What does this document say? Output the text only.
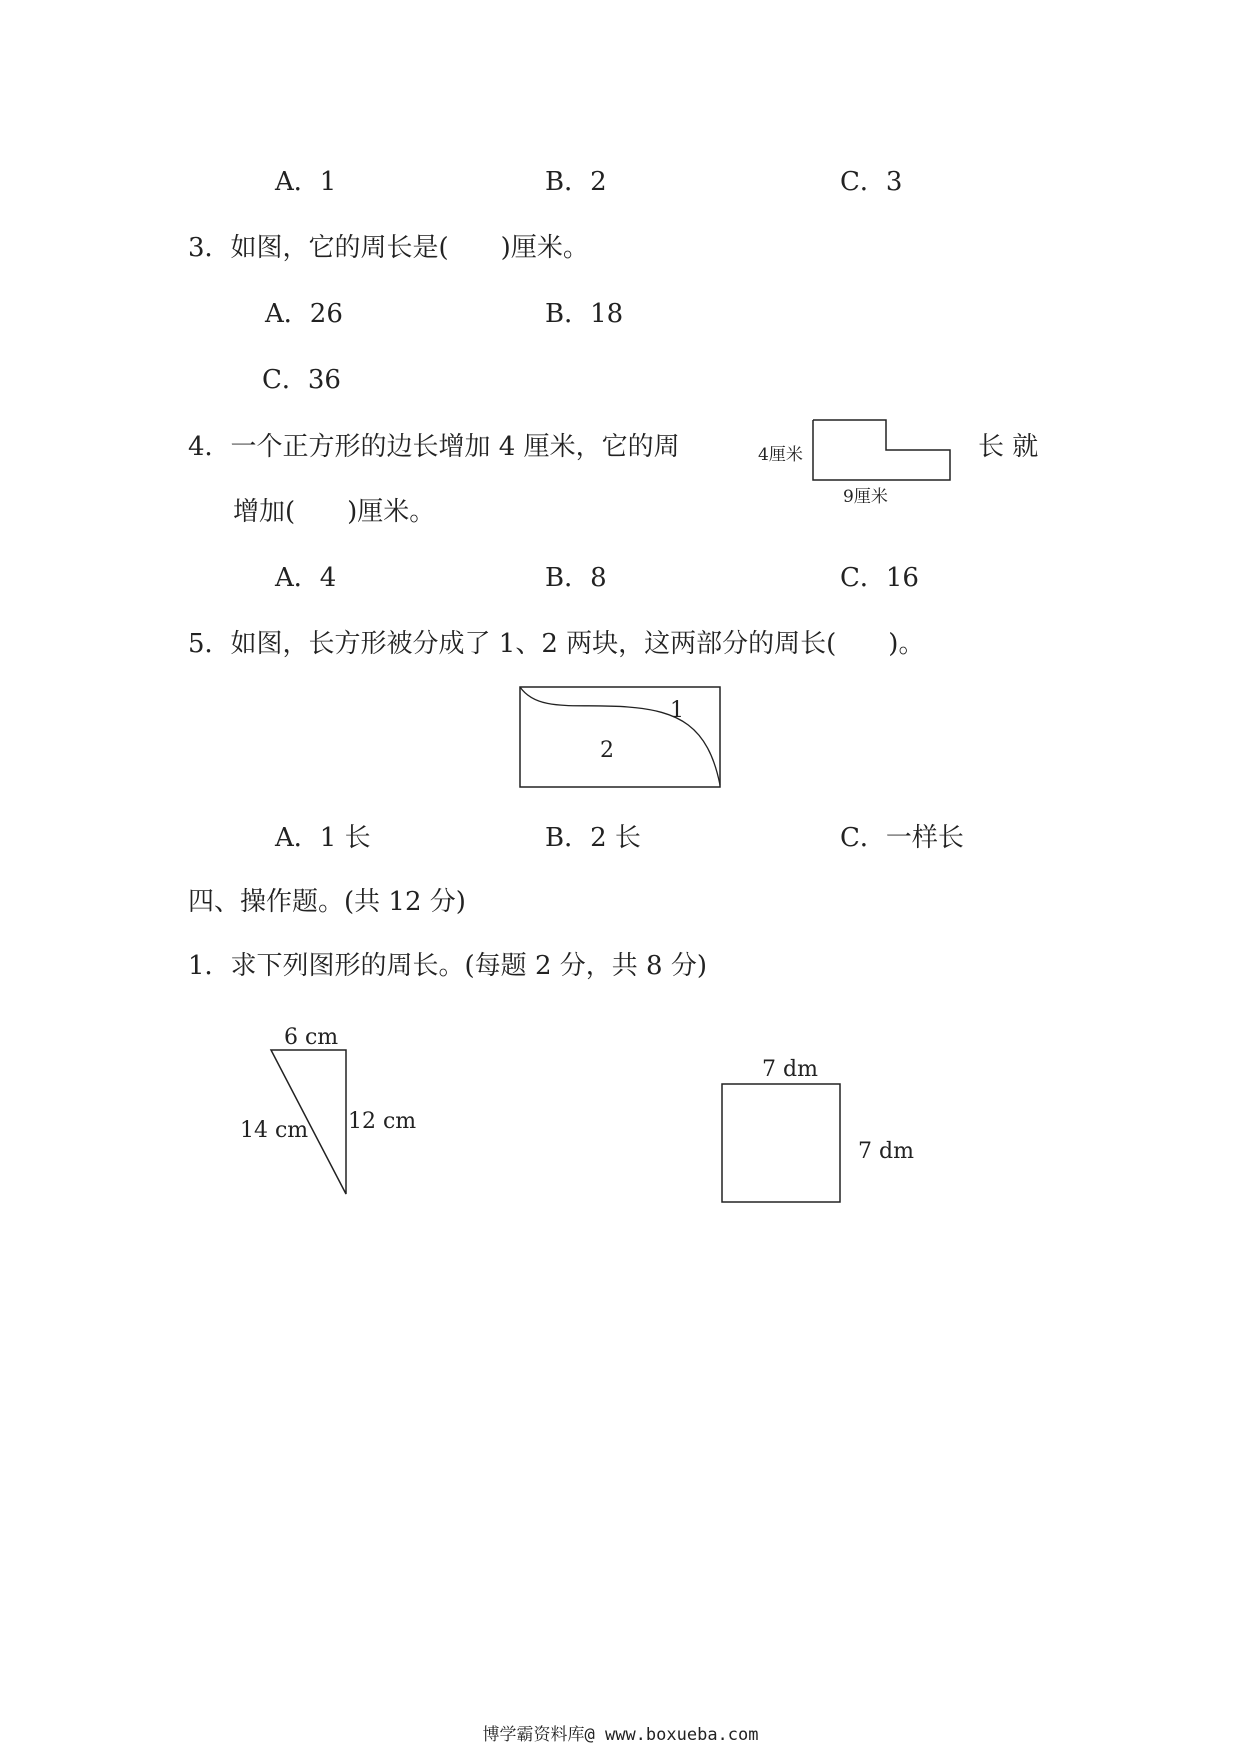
A．1	B．2	C．3
3．如图，它的周长是(　　)厘米。
A．26	B．18
C．36
4厘米
9厘米
4．一个正方形的边长增加 4 厘米，它的周	长 就
增加(　　)厘米。
A．4	B．8	C．16
5．如图，长方形被分成了 1、2 两块，这两部分的周长(　　)。
1
2
A．1 长	B．2 长	C．一样长
四、操作题。(共 12 分)
1．求下列图形的周长。(每题 2 分，共 8 分)
6 cm
14 cm 12 cm
7 dm
7 dm
博学霸资料库@ www.boxueba.com
